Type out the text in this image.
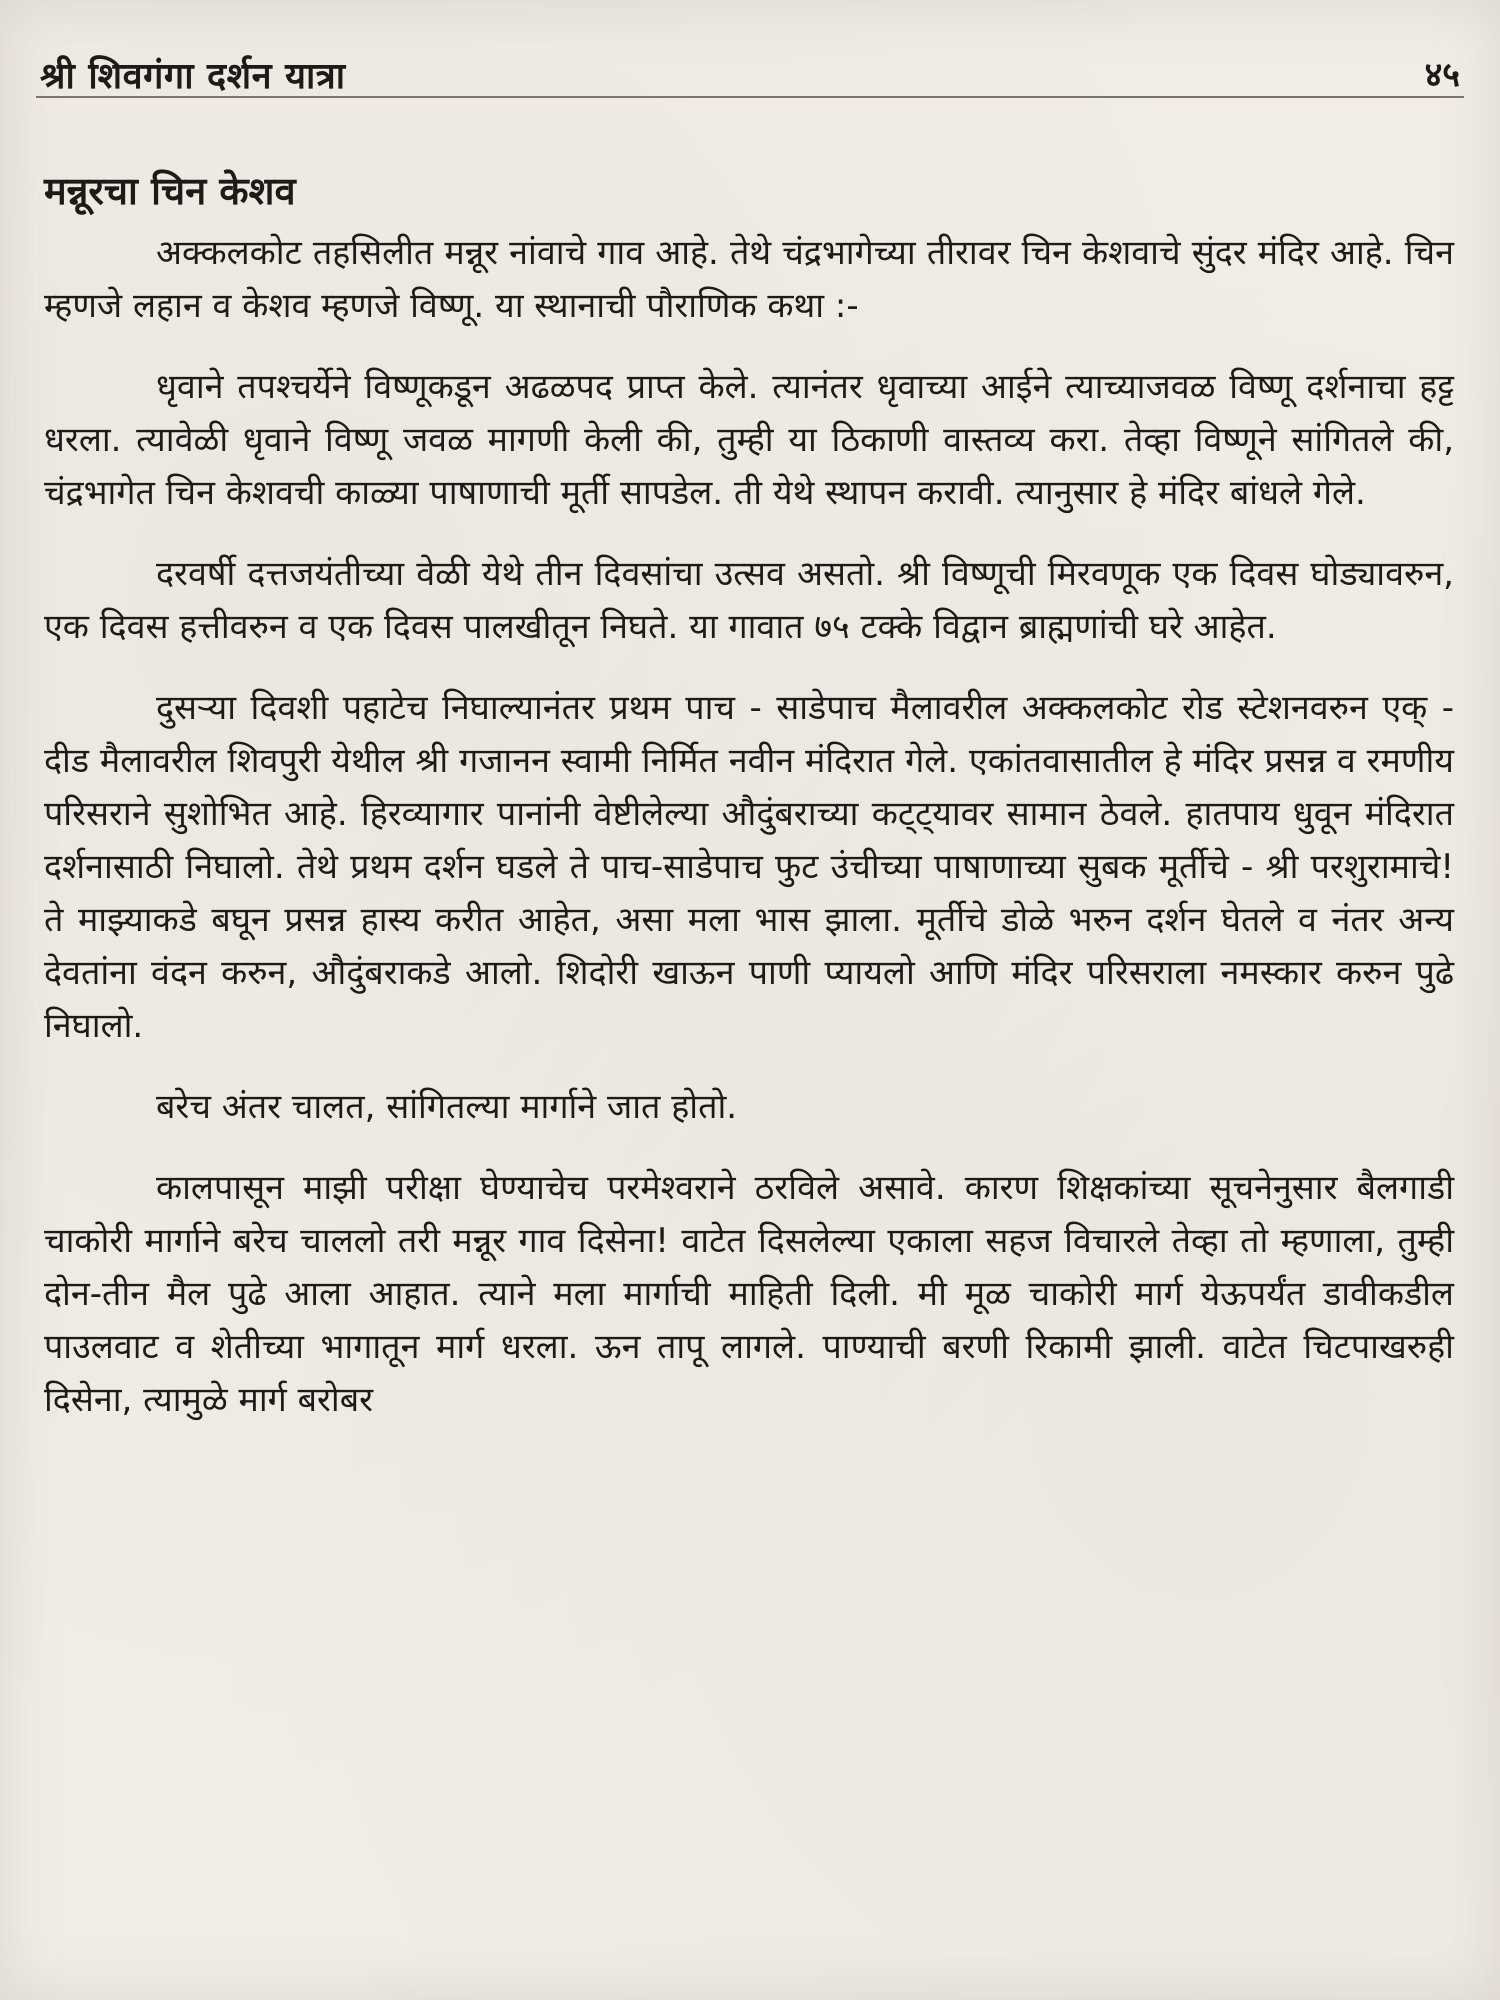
श्री शिवगंगा दर्शन यात्रा	४५
मन्नूरचा चिन केशव

अक्कलकोट तहसिलीत मन्नूर नांवाचे गाव आहे. तेथे चंद्रभागेच्या तीरावर चिन केशवाचे सुंदर मंदिर आहे. चिन म्हणजे लहान व केशव म्हणजे विष्णू. या स्थानाची पौराणिक कथा :-

धृवाने तपश्चर्येने विष्णूकडून अढळपद प्राप्त केले. त्यानंतर धृवाच्या आईने त्याच्याजवळ विष्णू दर्शनाचा हट्ट धरला. त्यावेळी धृवाने विष्णू जवळ मागणी केली की, तुम्ही या ठिकाणी वास्तव्य करा. तेव्हा विष्णूने सांगितले की, चंद्रभागेत चिन केशवची काळ्या पाषाणाची मूर्ती सापडेल. ती येथे स्थापन करावी. त्यानुसार हे मंदिर बांधले गेले.

दरवर्षी दत्तजयंतीच्या वेळी येथे तीन दिवसांचा उत्सव असतो. श्री विष्णूची मिरवणूक एक दिवस घोड्यावरुन, एक दिवस हत्तीवरुन व एक दिवस पालखीतून निघते. या गावात ७५ टक्के विद्वान ब्राह्मणांची घरे आहेत.

दुसऱ्या दिवशी पहाटेच निघाल्यानंतर प्रथम पाच - साडेपाच मैलावरील अक्कलकोट रोड स्टेशनवरुन एक् - दीड मैलावरील शिवपुरी येथील श्री गजानन स्वामी निर्मित नवीन मंदिरात गेले. एकांतवासातील हे मंदिर प्रसन्न व रमणीय परिसराने सुशोभित आहे. हिरव्यागार पानांनी वेष्टीलेल्या औदुंबराच्या कट्ट्यावर सामान ठेवले. हातपाय धुवून मंदिरात दर्शनासाठी निघालो. तेथे प्रथम दर्शन घडले ते पाच-साडेपाच फुट उंचीच्या पाषाणाच्या सुबक मूर्तीचे - श्री परशुरामाचे! ते माझ्याकडे बघून प्रसन्न हास्य करीत आहेत, असा मला भास झाला. मूर्तीचे डोळे भरुन दर्शन घेतले व नंतर अन्य देवतांना वंदन करुन, औदुंबराकडे आलो. शिदोरी खाऊन पाणी प्यायलो आणि मंदिर परिसराला नमस्कार करुन पुढे निघालो.

बरेच अंतर चालत, सांगितल्या मार्गाने जात होतो.

कालपासून माझी परीक्षा घेण्याचेच परमेश्वराने ठरविले असावे. कारण शिक्षकांच्या सूचनेनुसार बैलगाडी चाकोरी मार्गाने बरेच चाललो तरी मन्नूर गाव दिसेना! वाटेत दिसलेल्या एकाला सहज विचारले तेव्हा तो म्हणाला, तुम्ही दोन-तीन मैल पुढे आला आहात. त्याने मला मार्गाची माहिती दिली. मी मूळ चाकोरी मार्ग येऊपर्यंत डावीकडील पाउलवाट व शेतीच्या भागातून मार्ग धरला. ऊन तापू लागले. पाण्याची बरणी रिकामी झाली. वाटेत चिटपाखरुही दिसेना, त्यामुळे मार्ग बरोबर
